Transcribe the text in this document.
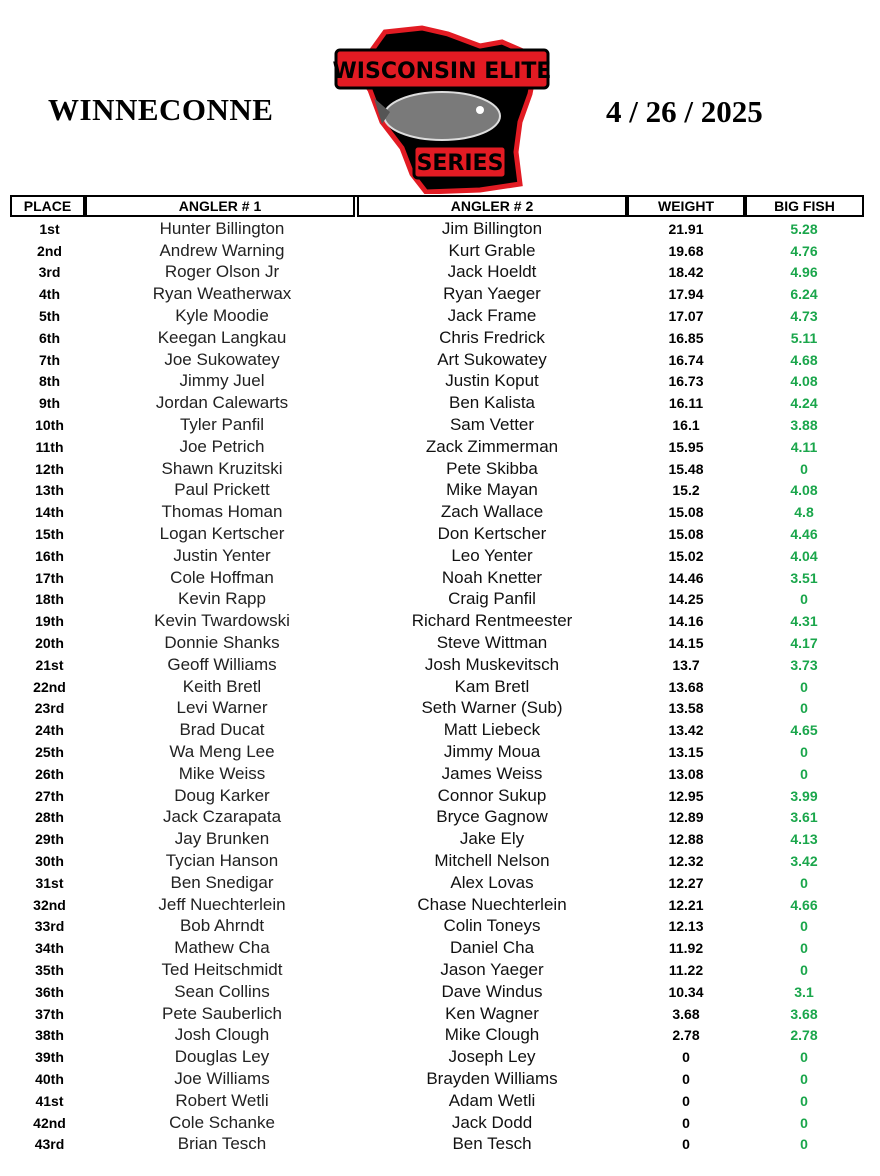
WINNECONNE	4 / 26 / 2025
WISCONSIN ELITE
SERIES
PLACE	ANGLER # 1	ANGLER # 2	WEIGHT	BIG FISH
1st	Hunter Billington	Jim Billington	21.91	5.28
2nd	Andrew Warning	Kurt Grable	19.68	4.76
3rd	Roger Olson Jr	Jack Hoeldt	18.42	4.96
4th	Ryan Weatherwax	Ryan Yaeger	17.94	6.24
5th	Kyle Moodie	Jack Frame	17.07	4.73
6th	Keegan Langkau	Chris Fredrick	16.85	5.11
7th	Joe Sukowatey	Art Sukowatey	16.74	4.68
8th	Jimmy Juel	Justin Koput	16.73	4.08
9th	Jordan Calewarts	Ben Kalista	16.11	4.24
10th	Tyler Panfil	Sam Vetter	16.1	3.88
11th	Joe Petrich	Zack Zimmerman	15.95	4.11
12th	Shawn Kruzitski	Pete Skibba	15.48	0
13th	Paul Prickett	Mike Mayan	15.2	4.08
14th	Thomas Homan	Zach Wallace	15.08	4.8
15th	Logan Kertscher	Don Kertscher	15.08	4.46
16th	Justin Yenter	Leo Yenter	15.02	4.04
17th	Cole Hoffman	Noah Knetter	14.46	3.51
18th	Kevin Rapp	Craig Panfil	14.25	0
19th	Kevin Twardowski	Richard Rentmeester	14.16	4.31
20th	Donnie Shanks	Steve Wittman	14.15	4.17
21st	Geoff Williams	Josh Muskevitsch	13.7	3.73
22nd	Keith Bretl	Kam Bretl	13.68	0
23rd	Levi Warner	Seth Warner (Sub)	13.58	0
24th	Brad Ducat	Matt Liebeck	13.42	4.65
25th	Wa Meng Lee	Jimmy Moua	13.15	0
26th	Mike Weiss	James Weiss	13.08	0
27th	Doug Karker	Connor Sukup	12.95	3.99
28th	Jack Czarapata	Bryce Gagnow	12.89	3.61
29th	Jay Brunken	Jake Ely	12.88	4.13
30th	Tycian Hanson	Mitchell Nelson	12.32	3.42
31st	Ben Snedigar	Alex Lovas	12.27	0
32nd	Jeff Nuechterlein	Chase Nuechterlein	12.21	4.66
33rd	Bob Ahrndt	Colin Toneys	12.13	0
34th	Mathew Cha	Daniel Cha	11.92	0
35th	Ted Heitschmidt	Jason Yaeger	11.22	0
36th	Sean Collins	Dave Windus	10.34	3.1
37th	Pete Sauberlich	Ken Wagner	3.68	3.68
38th	Josh Clough	Mike Clough	2.78	2.78
39th	Douglas Ley	Joseph Ley	0	0
40th	Joe Williams	Brayden Williams	0	0
41st	Robert Wetli	Adam Wetli	0	0
42nd	Cole Schanke	Jack Dodd	0	0
43rd	Brian Tesch	Ben Tesch	0	0
